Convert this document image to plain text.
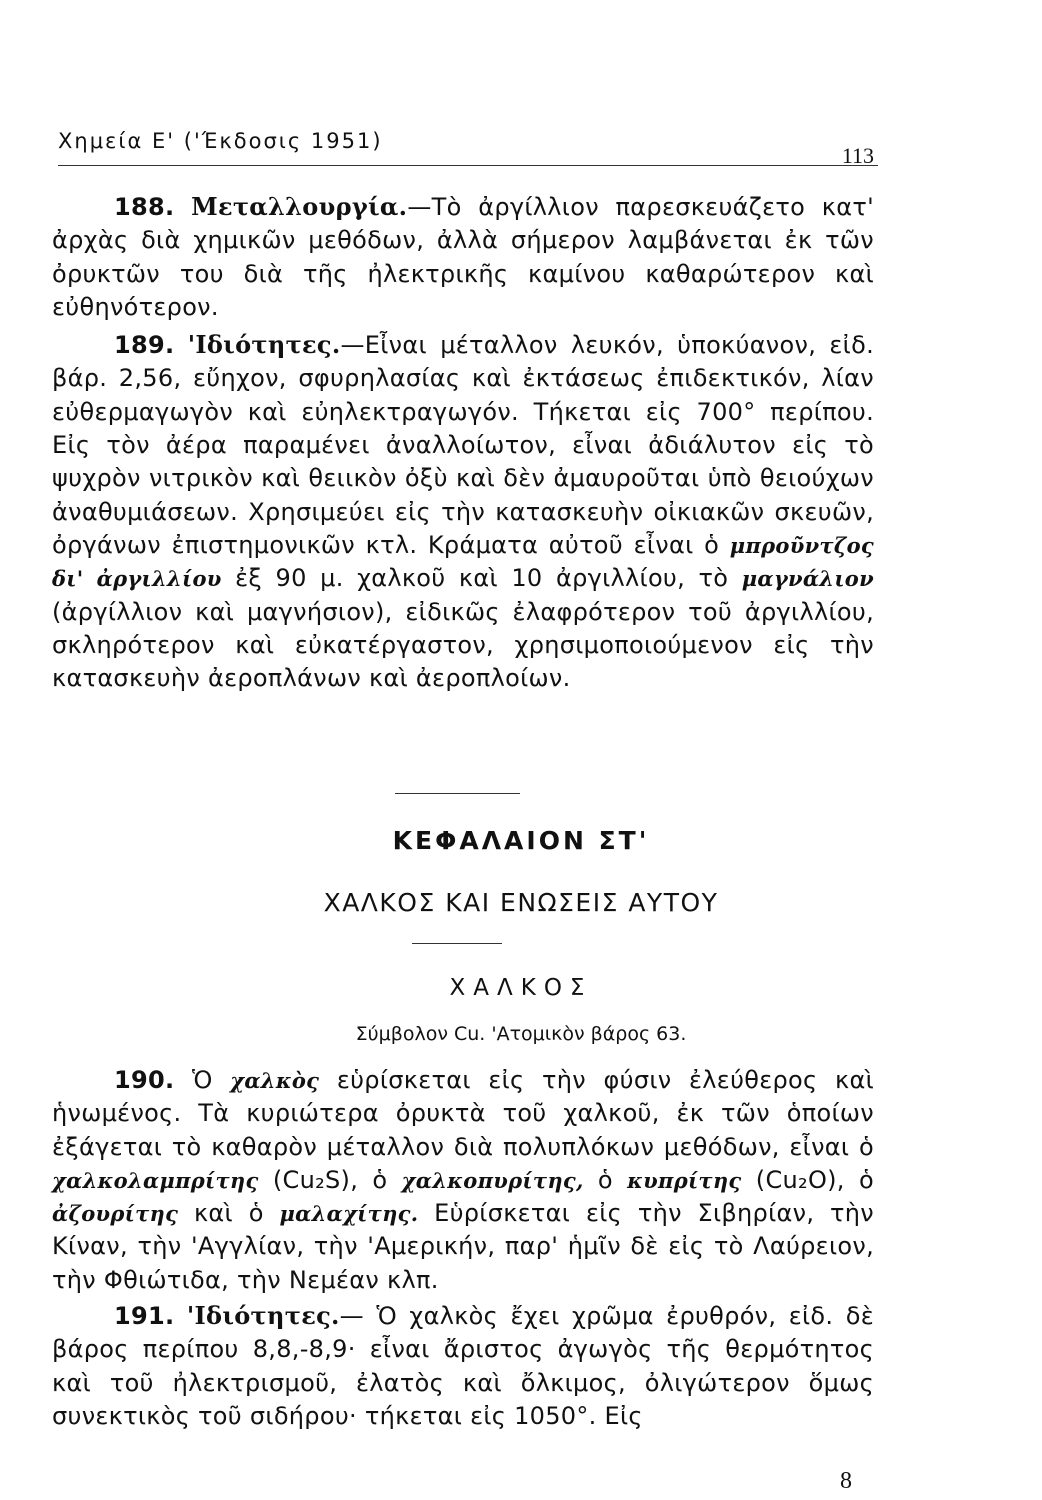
Χημεία Ε' ('Έκδοσις 1951)
113

188. Μεταλλουργία.—Τὸ ἀργίλλιον παρεσκευάζετο κατ' ἀρχὰς διὰ χημικῶν μεθόδων, ἀλλὰ σήμερον λαμβάνεται ἐκ τῶν ὀρυκτῶν του διὰ τῆς ἠλεκτρικῆς καμίνου καθαρώτερον καὶ εὐθηνότερον.

189. 'Ιδιότητες.—Εἶναι μέταλλον λευκόν, ὑποκύανον, εἰδ. βάρ. 2,56, εὔηχον, σφυρηλασίας καὶ ἐκτάσεως ἐπιδεκτικόν, λίαν εὐθερμαγωγὸν καὶ εὐηλεκτραγωγόν. Τήκεται εἰς 700° περίπου. Εἰς τὸν ἀέρα παραμένει ἀναλλοίωτον, εἶναι ἀδιάλυτον εἰς τὸ ψυχρὸν νιτρικὸν καὶ θειικὸν ὀξὺ καὶ δὲν ἀμαυροῦται ὑπὸ θειούχων ἀναθυμιάσεων. Χρησιμεύει εἰς τὴν κατασκευὴν οἰκιακῶν σκευῶν, ὀργάνων ἐπιστημονικῶν κτλ. Κράματα αὐτοῦ εἶναι ὁ μπροῦντζος δι' ἀργιλλίου ἐξ 90 μ. χαλκοῦ καὶ 10 ἀργιλλίου, τὸ μαγνάλιον (ἀργίλλιον καὶ μαγνήσιον), εἰδικῶς ἐλαφρότερον τοῦ ἀργιλλίου, σκληρότερον καὶ εὐκατέργαστον, χρησιμοποιούμενον εἰς τὴν κατασκευὴν ἀεροπλάνων καὶ ἀεροπλοίων.

ΚΕΦΑΛΑΙΟΝ ΣΤ'
ΧΑΛΚΟΣ ΚΑΙ ΕΝΩΣΕΙΣ ΑΥΤΟΥ
ΧΑΛΚΟΣ
Σύμβολον Cu. 'Ατομικὸν βάρος 63.

190. Ὁ χαλκὸς εὑρίσκεται εἰς τὴν φύσιν ἐλεύθερος καὶ ἡνωμένος. Τὰ κυριώτερα ὀρυκτὰ τοῦ χαλκοῦ, ἐκ τῶν ὁποίων ἐξάγεται τὸ καθαρὸν μέταλλον διὰ πολυπλόκων μεθόδων, εἶναι ὁ χαλκολαμπρίτης (Cu₂S), ὁ χαλκοπυρίτης, ὁ κυπρίτης (Cu₂O), ὁ ἀζουρίτης καὶ ὁ μαλαχίτης. Εὑρίσκεται εἰς τὴν Σιβηρίαν, τὴν Κίναν, τὴν 'Αγγλίαν, τὴν 'Αμερικήν, παρ' ἡμῖν δὲ εἰς τὸ Λαύρειον, τὴν Φθιώτιδα, τὴν Νεμέαν κλπ.

191. 'Ιδιότητες.— Ὁ χαλκὸς ἔχει χρῶμα ἐρυθρόν, εἰδ. δὲ βάρος περίπου 8,8,-8,9· εἶναι ἄριστος ἀγωγὸς τῆς θερμότητος καὶ τοῦ ἠλεκτρισμοῦ, ἐλατὸς καὶ ὄλκιμος, ὀλιγώτερον ὅμως συνεκτικὸς τοῦ σιδήρου· τήκεται εἰς 1050°. Εἰς

8
